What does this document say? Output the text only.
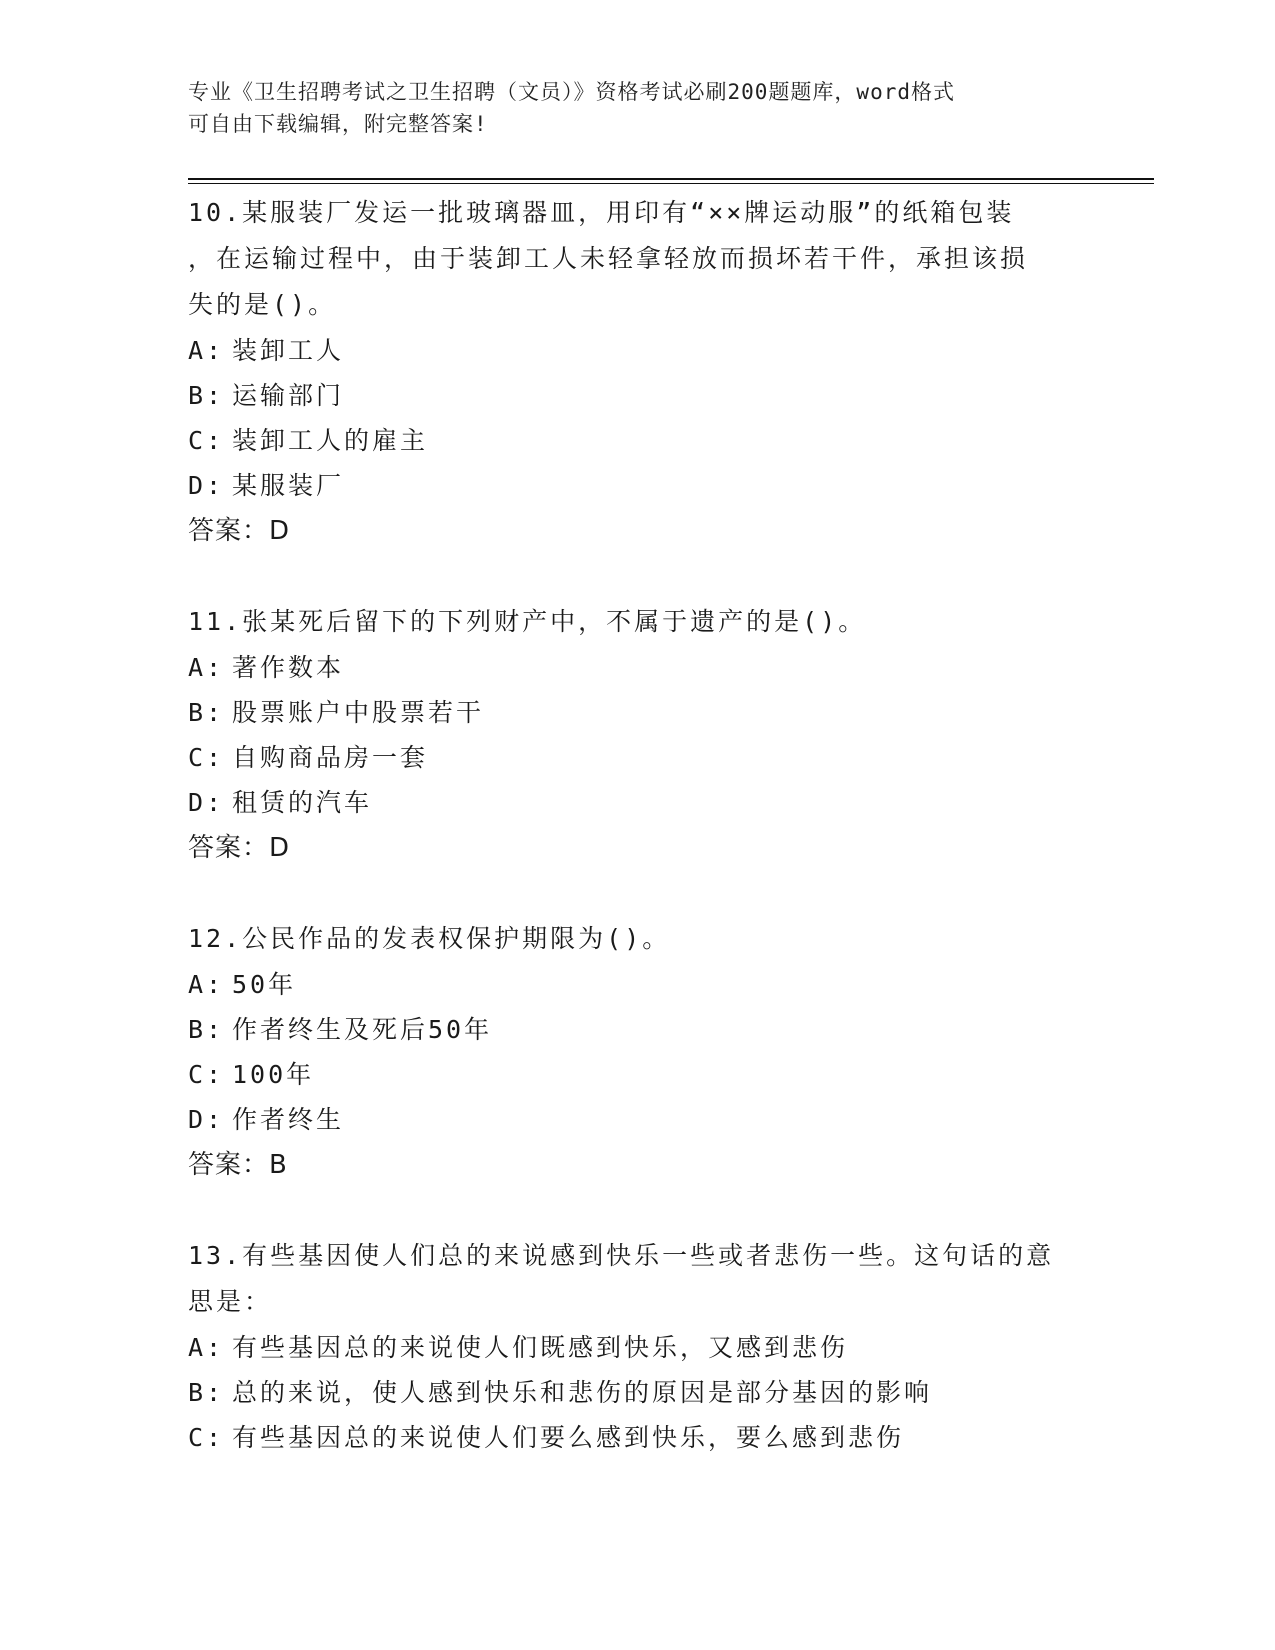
专业《卫生招聘考试之卫生招聘（文员）》资格考试必刷200题题库，word格式
可自由下载编辑，附完整答案!
10.某服装厂发运一批玻璃器皿，用印有“××牌运动服”的纸箱包装
，在运输过程中，由于装卸工人未轻拿轻放而损坏若干件，承担该损
失的是()。
A: 装卸工人
B: 运输部门
C: 装卸工人的雇主
D: 某服装厂
答案：D
11.张某死后留下的下列财产中，不属于遗产的是()。
A: 著作数本
B: 股票账户中股票若干
C: 自购商品房一套
D: 租赁的汽车
答案：D
12.公民作品的发表权保护期限为()。
A: 50年
B: 作者终生及死后50年
C: 100年
D: 作者终生
答案：B
13.有些基因使人们总的来说感到快乐一些或者悲伤一些。这句话的意
思是：
A: 有些基因总的来说使人们既感到快乐，又感到悲伤
B: 总的来说，使人感到快乐和悲伤的原因是部分基因的影响
C: 有些基因总的来说使人们要么感到快乐，要么感到悲伤
